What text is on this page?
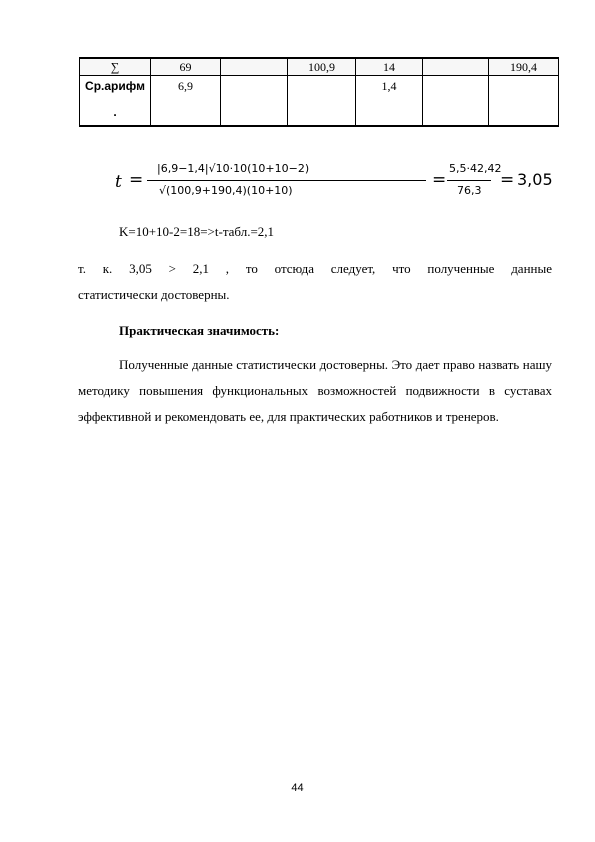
∑	69		100,9	14		190,4

Ср.арифм
.	6,9			1,4		
t =
|6,9−1,4|√10·10(10+10−2)
√(100,9+190,4)(10+10)
=
5,5·42,42
76,3
= 3,05
K=10+10-2=18=>t-табл.=2,1
т. к. 3,05 > 2,1 , то отсюда следует, что полученные данные
статистически достоверны.
Практическая значимость:
Полученные данные статистически достоверны. Это дает право назвать нашу методику повышения функциональных возможностей подвижности в суставах эффективной и рекомендовать ее, для практических работников и тренеров.
44
